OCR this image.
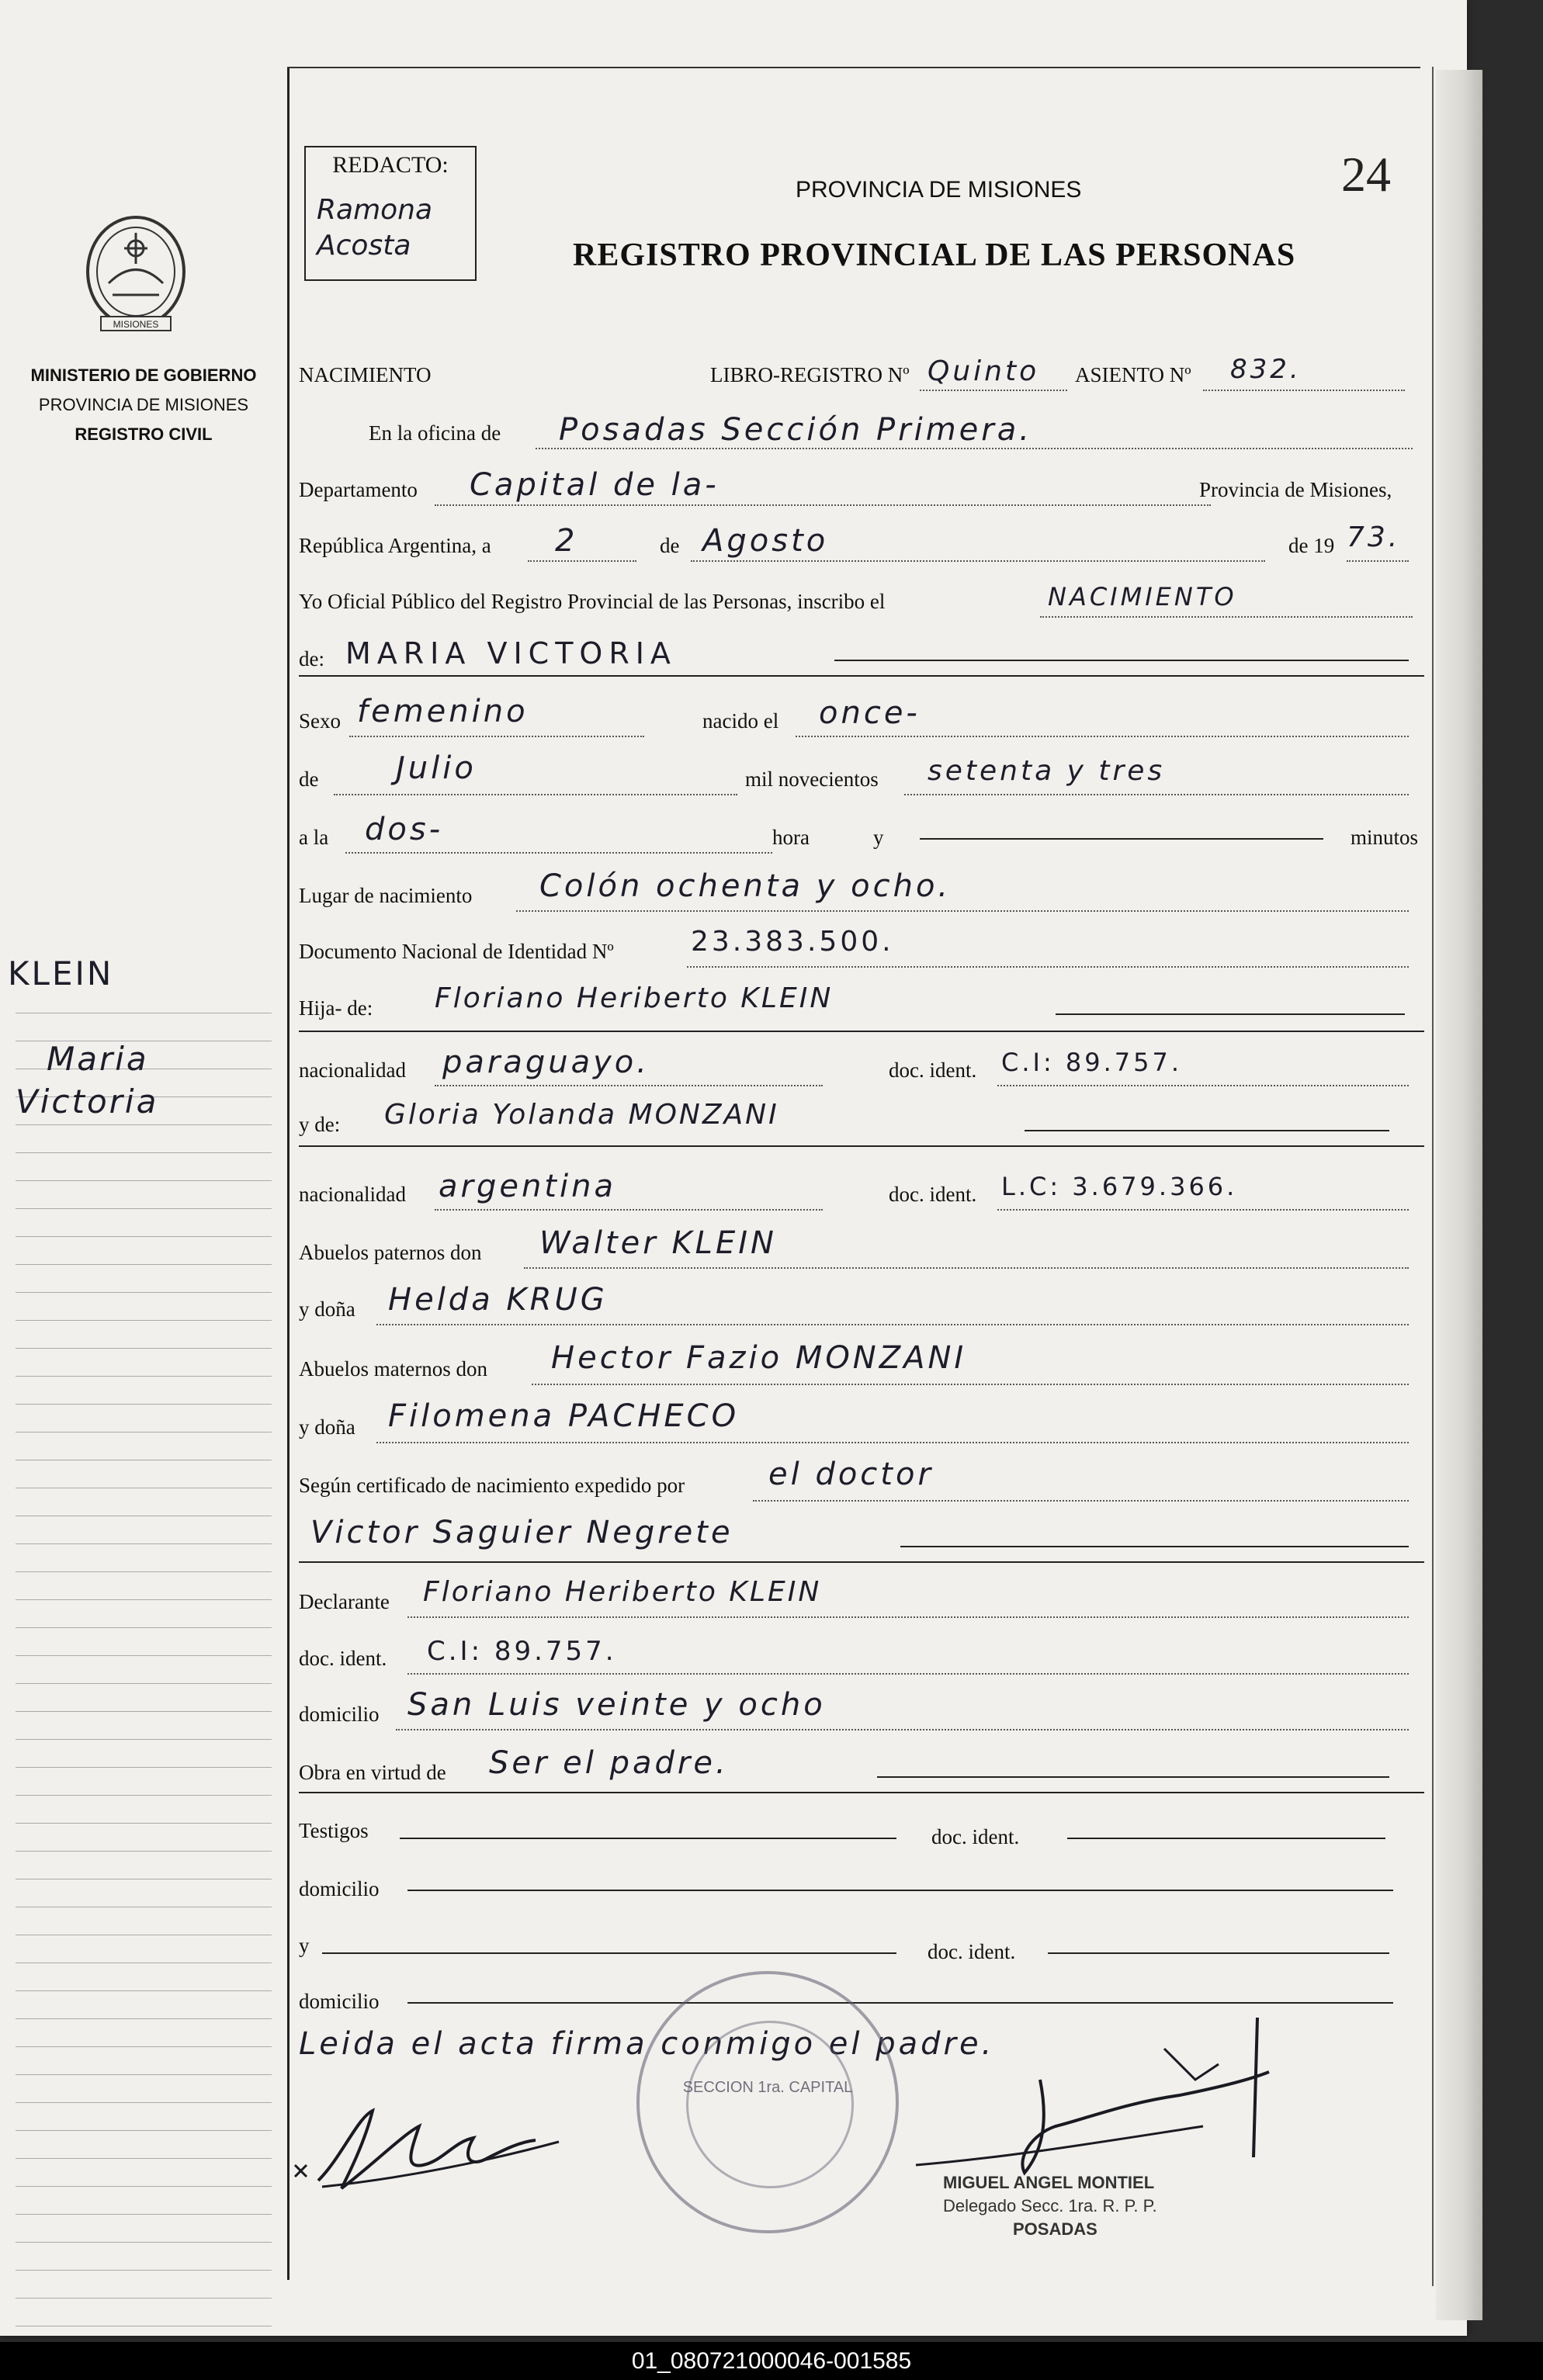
MISIONES
MINISTERIO DE GOBIERNO
PROVINCIA DE MISIONES
REGISTRO CIVIL
KLEIN
Maria
Victoria
REDACTO:
Ramona
Acosta
PROVINCIA DE MISIONES
REGISTRO PROVINCIAL DE LAS PERSONAS
24
NACIMIENTO	LIBRO-REGISTRO Nº Quinto ASIENTO Nº 832.
En la oficina de Posadas Sección Primera.
Departamento Capital de la-	Provincia de Misiones,
República Argentina, a 2	de Agosto	de 19 73.
Yo Oficial Público del Registro Provincial de las Personas, inscribo el	NACIMIENTO
de: MARIA VICTORIA
Sexo femenino	nacido el once-
de Julio	mil novecientos setenta y tres
a la dos-	hora	y	minutos
Lugar de nacimiento Colón ochenta y ocho.
Documento Nacional de Identidad Nº	23.383.500.
Hija- de: Floriano Heriberto KLEIN
nacionalidad paraguayo.	doc. ident. C.I: 89.757.
y de: Gloria Yolanda MONZANI
nacionalidad argentina	doc. ident. L.C: 3.679.366.
Abuelos paternos don Walter KLEIN
y doña Helda KRUG
Abuelos maternos don Hector Fazio MONZANI
y doña Filomena PACHECO
Según certificado de nacimiento expedido por	el doctor
Victor Saguier Negrete
Declarante Floriano Heriberto KLEIN
doc. ident. C.I: 89.757.
domicilio San Luis veinte y ocho
Obra en virtud de Ser el padre.
Testigos	doc. ident.
domicilio
y	doc. ident.
domicilio
Leida el acta firma conmigo el padre.
SECCION 1ra. CAPITAL
MIGUEL ANGEL MONTIEL
Delegado Secc. 1ra. R. P. P.
POSADAS
01_080721000046-001585
